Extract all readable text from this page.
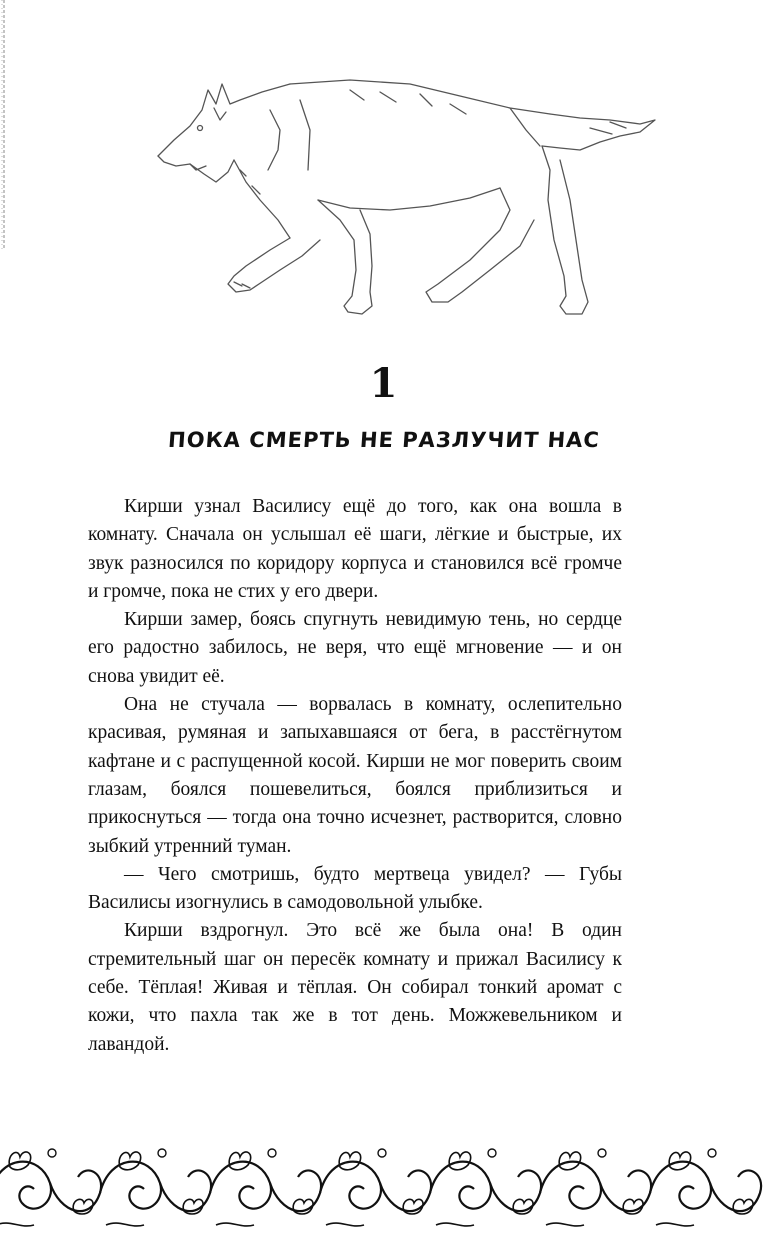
1
ПОКА СМЕРТЬ НЕ РАЗЛУЧИТ НАС

Кирши узнал Василису ещё до того, как она вошла в комнату. Сначала он услышал её шаги, лёгкие и быстрые, их звук разносился по коридору корпуса и становился всё громче и громче, пока не стих у его двери.

Кирши замер, боясь спугнуть невидимую тень, но сердце его радостно забилось, не веря, что ещё мгновение — и он снова увидит её.

Она не стучала — ворвалась в комнату, ослепительно красивая, румяная и запыхавшаяся от бега, в расстёгнутом кафтане и с распущенной косой. Кирши не мог поверить своим глазам, боялся пошевелиться, боялся приблизиться и прикоснуться — тогда она точно исчезнет, растворится, словно зыбкий утренний туман.

— Чего смотришь, будто мертвеца увидел? — Губы Василисы изогнулись в самодовольной улыбке.

Кирши вздрогнул. Это всё же была она! В один стремительный шаг он пересёк комнату и прижал Василису к себе. Тёплая! Живая и тёплая. Он собирал тонкий аромат с кожи, что пахла так же в тот день. Можжевельником и лавандой.
